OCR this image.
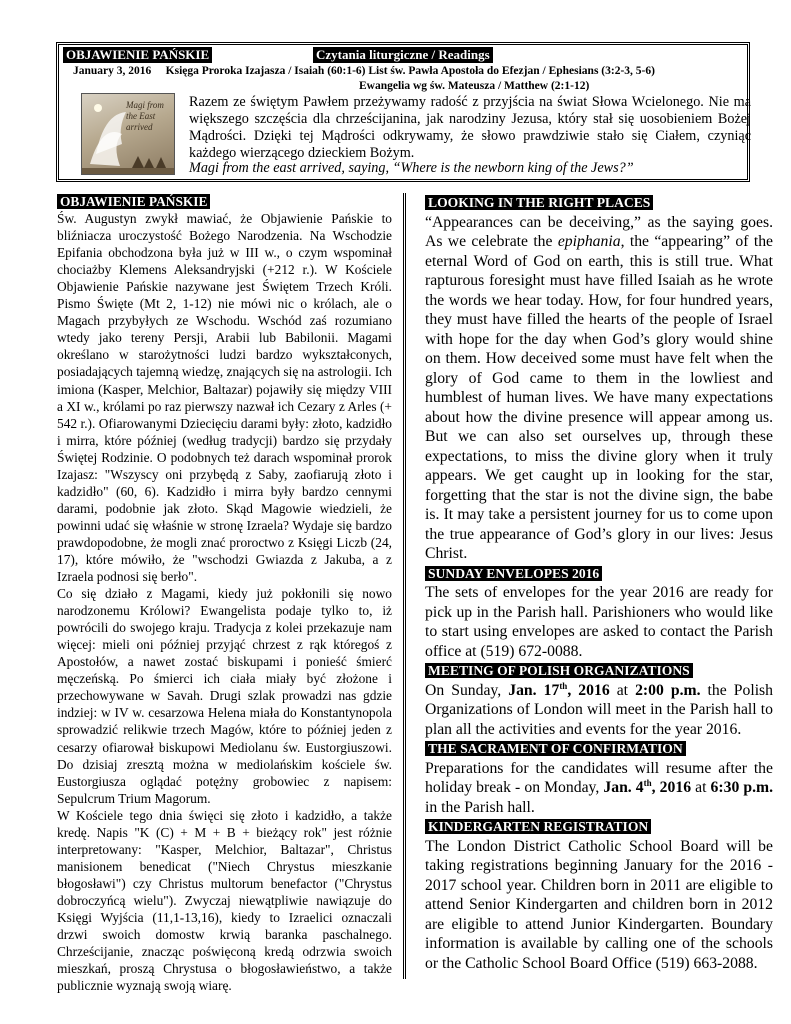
OBJAWIENIE PAŃSKIE	Czytania liturgiczne / Readings
January 3, 2016 Księga Proroka Izajasza / Isaiah (60:1-6) List św. Pawła Apostoła do Efezjan / Ephesians (3:2-3, 5-6)
Ewangelia wg św. Mateusza / Matthew (2:1-12)
Magi from the East arrived
Razem ze świętym Pawłem przeżywamy radość z przyjścia na świat Słowa Wcielonego. Nie ma większego szczęścia dla chrześcijanina, jak narodziny Jezusa, który stał się uosobieniem Bożej Mądrości. Dzięki tej Mądrości odkrywamy, że słowo prawdziwie stało się Ciałem, czyniąc każdego wierzącego dzieckiem Bożym.
Magi from the east arrived, saying, “Where is the newborn king of the Jews?”
OBJAWIENIE PAŃSKIE

Św. Augustyn zwykł mawiać, że Objawienie Pańskie to bliźniacza uroczystość Bożego Narodzenia. Na Wschodzie Epifania obchodzona była już w III w., o czym wspominał chociażby Klemens Aleksandryjski (+212 r.). W Kościele Objawienie Pańskie nazywane jest Świętem Trzech Króli. Pismo Święte (Mt 2, 1-12) nie mówi nic o królach, ale o Magach przybyłych ze Wschodu. Wschód zaś rozumiano wtedy jako tereny Persji, Arabii lub Babilonii. Magami określano w starożytności ludzi bardzo wykształconych, posiadających tajemną wiedzę, znających się na astrologii. Ich imiona (Kasper, Melchior, Baltazar) pojawiły się między VIII a XI w., królami po raz pierwszy nazwał ich Cezary z Arles (+ 542 r.). Ofiarowanymi Dziecięciu darami były: złoto, kadzidło i mirra, które później (według tradycji) bardzo się przydały Świętej Rodzinie. O podobnych też darach wspominał prorok Izajasz: "Wszyscy oni przybędą z Saby, zaofiarują złoto i kadzidło" (60, 6). Kadzidło i mirra były bardzo cennymi darami, podobnie jak złoto. Skąd Magowie wiedzieli, że powinni udać się właśnie w stronę Izraela? Wydaje się bardzo prawdopodobne, że mogli znać proroctwo z Księgi Liczb (24, 17), które mówiło, że "wschodzi Gwiazda z Jakuba, a z Izraela podnosi się berło".

Co się działo z Magami, kiedy już pokłonili się nowo narodzonemu Królowi? Ewangelista podaje tylko to, iż powrócili do swojego kraju. Tradycja z kolei przekazuje nam więcej: mieli oni później przyjąć chrzest z rąk któregoś z Apostołów, a nawet zostać biskupami i ponieść śmierć męczeńską. Po śmierci ich ciała miały być złożone i przechowywane w Savah. Drugi szlak prowadzi nas gdzie indziej: w IV w. cesarzowa Helena miała do Konstantynopola sprowadzić relikwie trzech Magów, które to później jeden z cesarzy ofiarował biskupowi Mediolanu św. Eustorgiuszowi. Do dzisiaj zresztą można w mediolańskim kościele św. Eustorgiusza oglądać potężny grobowiec z napisem: Sepulcrum Trium Magorum.

W Kościele tego dnia święci się złoto i kadzidło, a także kredę. Napis "K (C) + M + B + bieżący rok" jest różnie interpretowany: "Kasper, Melchior, Baltazar", Christus manisionem benedicat ("Niech Chrystus mieszkanie błogosławi") czy Christus multorum benefactor ("Chrystus dobroczyńcą wielu"). Zwyczaj niewątpliwie nawiązuje do Księgi Wyjścia (11,1-13,16), kiedy to Izraelici oznaczali drzwi swoich domostw krwią baranka paschalnego. Chrześcijanie, znacząc poświęconą kredą odrzwia swoich mieszkań, proszą Chrystusa o błogosławieństwo, a także publicznie wyznają swoją wiarę.

LOOKING IN THE RIGHT PLACES

“Appearances can be deceiving,” as the saying goes. As we celebrate the epiphania, the “appearing” of the eternal Word of God on earth, this is still true. What rapturous foresight must have filled Isaiah as he wrote the words we hear today. How, for four hundred years, they must have filled the hearts of the people of Israel with hope for the day when God’s glory would shine on them. How deceived some must have felt when the glory of God came to them in the lowliest and humblest of human lives. We have many expectations about how the divine presence will appear among us. But we can also set ourselves up, through these expectations, to miss the divine glory when it truly appears. We get caught up in looking for the star, forgetting that the star is not the divine sign, the babe is. It may take a persistent journey for us to come upon the true appearance of God’s glory in our lives: Jesus Christ.

SUNDAY ENVELOPES 2016

The sets of envelopes for the year 2016 are ready for pick up in the Parish hall. Parishioners who would like to start using envelopes are asked to contact the Parish office at (519) 672-0088.

MEETING OF POLISH ORGANIZATIONS

On Sunday, Jan. 17th, 2016 at 2:00 p.m. the Polish Organizations of London will meet in the Parish hall to plan all the activities and events for the year 2016.

THE SACRAMENT OF CONFIRMATION

Preparations for the candidates will resume after the holiday break - on Monday, Jan. 4th, 2016 at 6:30 p.m. in the Parish hall.

KINDERGARTEN REGISTRATION

The London District Catholic School Board will be taking registrations beginning January for the 2016 - 2017 school year. Children born in 2011 are eligible to attend Senior Kindergarten and children born in 2012 are eligible to attend Junior Kindergarten. Boundary information is available by calling one of the schools or the Catholic School Board Office (519) 663-2088.
